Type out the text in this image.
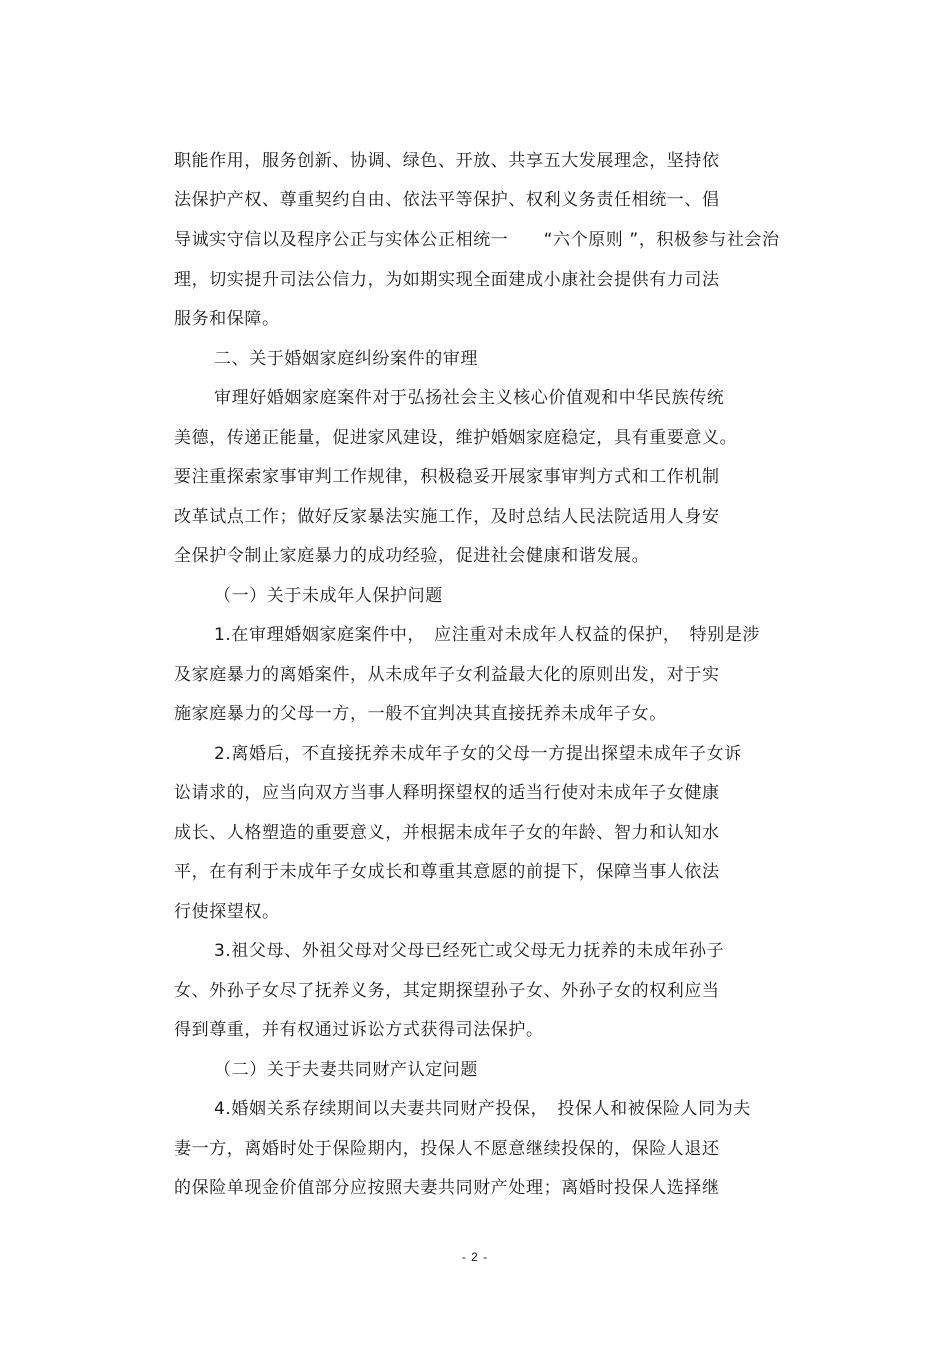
职能作用，服务创新、协调、绿色、开放、共享五大发展理念，坚持依
法保护产权、尊重契约自由、依法平等保护、权利义务责任相统一、倡
导诚实守信以及程序公正与实体公正相统一　　“六个原则 ”，积极参与社会治
理，切实提升司法公信力，为如期实现全面建成小康社会提供有力司法
服务和保障。
二、关于婚姻家庭纠纷案件的审理
审理好婚姻家庭案件对于弘扬社会主义核心价值观和中华民族传统
美德，传递正能量，促进家风建设，维护婚姻家庭稳定，具有重要意义。
要注重探索家事审判工作规律，积极稳妥开展家事审判方式和工作机制
改革试点工作；做好反家暴法实施工作，及时总结人民法院适用人身安
全保护令制止家庭暴力的成功经验，促进社会健康和谐发展。
（一）关于未成年人保护问题
1.在审理婚姻家庭案件中，　应注重对未成年人权益的保护，　特别是涉
及家庭暴力的离婚案件，从未成年子女利益最大化的原则出发，对于实
施家庭暴力的父母一方，一般不宜判决其直接抚养未成年子女。
2.离婚后，不直接抚养未成年子女的父母一方提出探望未成年子女诉
讼请求的，应当向双方当事人释明探望权的适当行使对未成年子女健康
成长、人格塑造的重要意义，并根据未成年子女的年龄、智力和认知水
平，在有利于未成年子女成长和尊重其意愿的前提下，保障当事人依法
行使探望权。
3.祖父母、外祖父母对父母已经死亡或父母无力抚养的未成年孙子
女、外孙子女尽了抚养义务，其定期探望孙子女、外孙子女的权利应当
得到尊重，并有权通过诉讼方式获得司法保护。
（二）关于夫妻共同财产认定问题
4.婚姻关系存续期间以夫妻共同财产投保，　投保人和被保险人同为夫
妻一方，离婚时处于保险期内，投保人不愿意继续投保的，保险人退还
的保险单现金价值部分应按照夫妻共同财产处理；离婚时投保人选择继
- 2 -
